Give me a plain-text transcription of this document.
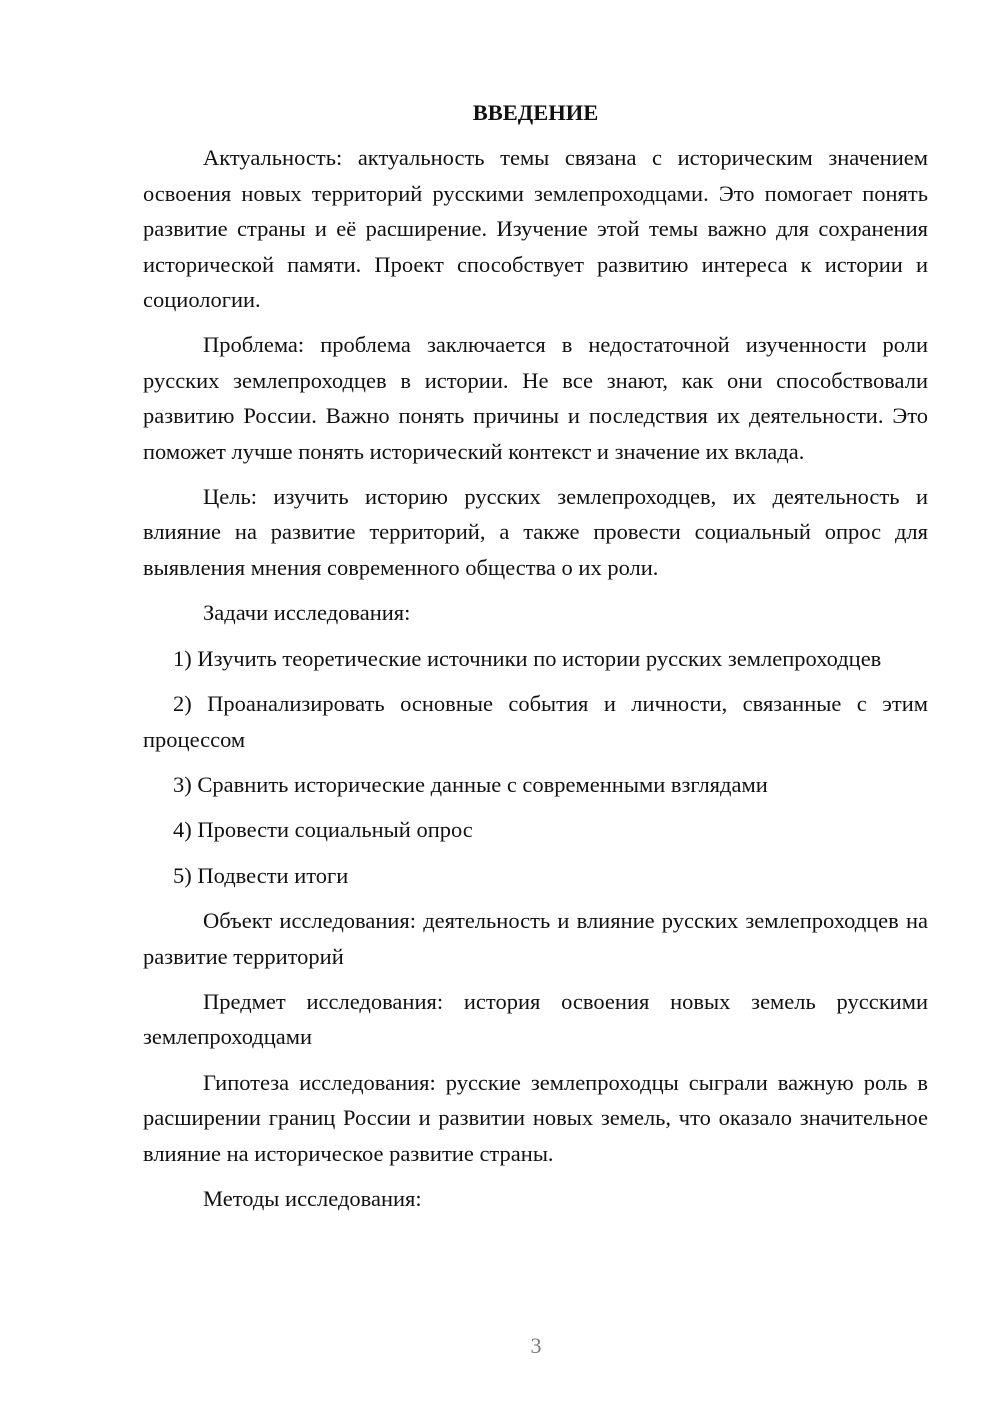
ВВЕДЕНИЕ

Актуальность: актуальность темы связана с историческим значением освоения новых территорий русскими землепроходцами. Это помогает понять развитие страны и её расширение. Изучение этой темы важно для сохранения исторической памяти. Проект способствует развитию интереса к истории и социологии.

Проблема: проблема заключается в недостаточной изученности роли русских землепроходцев в истории. Не все знают, как они способствовали развитию России. Важно понять причины и последствия их деятельности. Это поможет лучше понять исторический контекст и значение их вклада.

Цель: изучить историю русских землепроходцев, их деятельность и влияние на развитие территорий, а также провести социальный опрос для выявления мнения современного общества о их роли.

Задачи исследования:

1) Изучить теоретические источники по истории русских землепроходцев

2) Проанализировать основные события и личности, связанные с этим процессом

3) Сравнить исторические данные с современными взглядами

4) Провести социальный опрос

5) Подвести итоги

Объект исследования: деятельность и влияние русских землепроходцев на развитие территорий

Предмет исследования: история освоения новых земель русскими землепроходцами

Гипотеза исследования: русские землепроходцы сыграли важную роль в расширении границ России и развитии новых земель, что оказало значительное влияние на историческое развитие страны.

Методы исследования:

3
